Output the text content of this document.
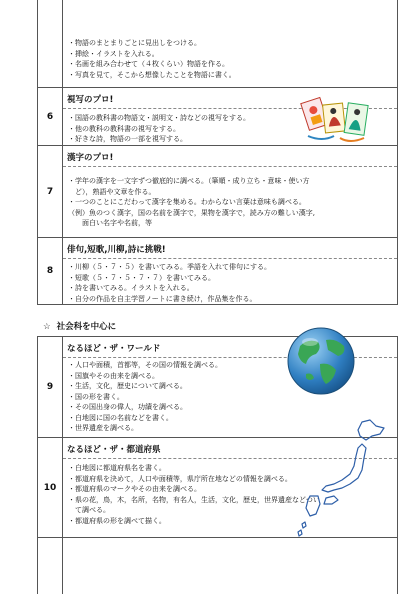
・物語のまとまりごとに見出しをつける。
・挿絵・イラストを入れる。
・名画を組み合わせて（４枚くらい）物語を作る。
・写真を見て，そこから想像したことを物語に書く。
6
視写のプロ!
・国語の教科書の物語文・説明文・詩などの視写をする。
・他の教科の教科書の視写をする。
・好きな詩，物語の一部を視写する。
7
漢字のプロ!
・学年の漢字を一文字ずつ徹底的に調べる。（筆順・成り立ち・意味・使い方
　ど），熟語や文章を作る。
・一つのことにこだわって漢字を集める。わからない言葉は意味も調べる。
（例）魚のつく漢字，国の名前を漢字で，果物を漢字で，読み方の難しい漢字,
　　面白い名字や名前，等
8
俳句,短歌,川柳,詩に挑戦!
・川柳（５・７・５）を書いてみる。季語を入れて俳句にする。
・短歌（５・７・５・７・７）を書いてみる。
・詩を書いてみる。イラストを入れる。
・自分の作品を自主学習ノートに書き続け，作品集を作る。
☆ 社会科を中心に
9
なるほど・ザ・ワールド
・人口や面積，首都等，その国の情報を調べる。
・国旗やその由来を調べる。
・生活，文化，歴史について調べる。
・国の形を書く。
・その国出身の偉人，功績を調べる。
・白地図に国の名前などを書く。
・世界遺産を調べる。
10
なるほど・ザ・都道府県
・白地図に都道府県名を書く。
・都道府県を決めて，人口や面積等，県庁所在地などの情報を調べる。
・都道府県のマークやその由来を調べる。
・県の花，鳥，木，名所，名物，有名人，生活，文化，歴史，世界遺産などつい
　て調べる。
・都道府県の形を調べて描く。
